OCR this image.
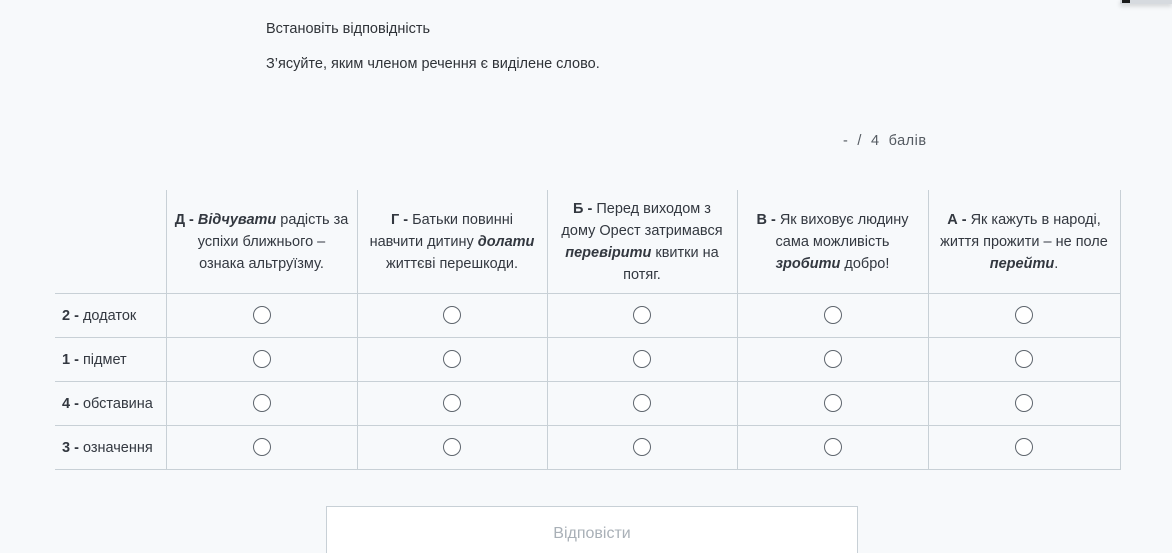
Встановіть відповідність
З’ясуйте, яким членом речення є виділене слово.
- / 4 балів
	Д - Відчувати радість за успіхи ближнього – ознака альтруїзму.	Г - Батьки повинні навчити дитину долати життєві перешкоди.	Б - Перед виходом з дому Орест затримався перевірити квитки на потяг.	В - Як виховує людину сама можливість зробити добро!	А - Як кажуть в народі, життя прожити – не поле перейти.
2 - додаток					
1 - підмет					
4 - обставина					
3 - означення					
Відповісти
